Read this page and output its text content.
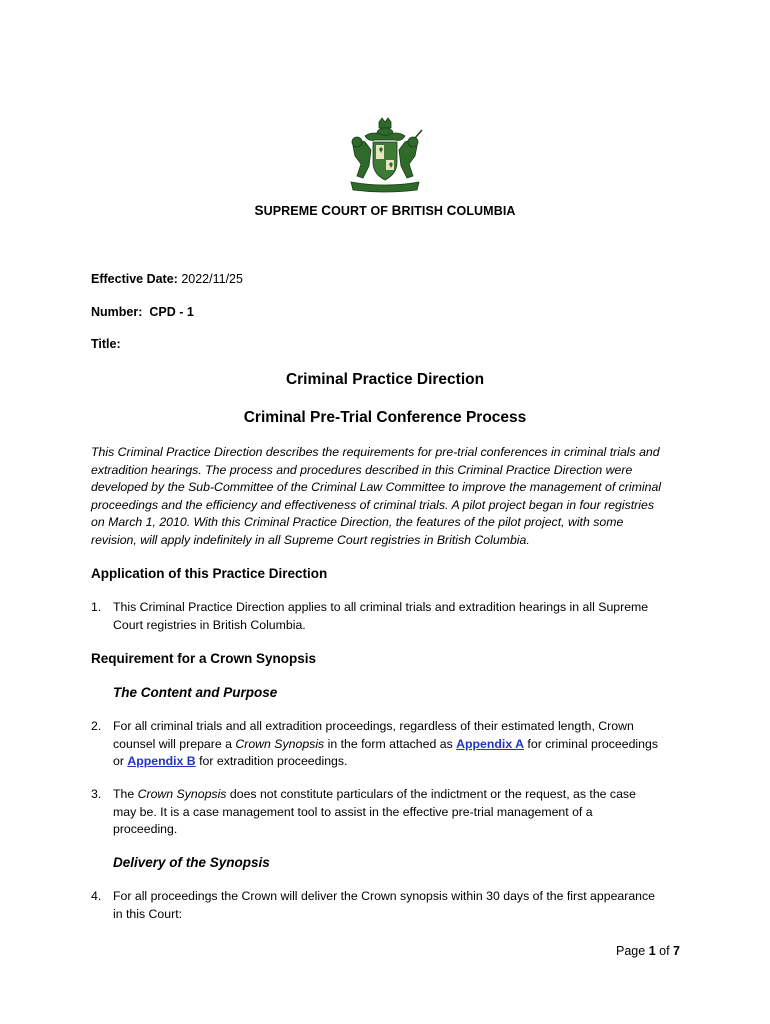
SUPREME COURT OF BRITISH COLUMBIA
Effective Date: 2022/11/25
Number: CPD - 1
Title:
Criminal Practice Direction
Criminal Pre-Trial Conference Process
This Criminal Practice Direction describes the requirements for pre-trial conferences in criminal trials and
extradition hearings. The process and procedures described in this Criminal Practice Direction were
developed by the Sub-Committee of the Criminal Law Committee to improve the management of criminal
proceedings and the efficiency and effectiveness of criminal trials. A pilot project began in four registries
on March 1, 2010. With this Criminal Practice Direction, the features of the pilot project, with some
revision, will apply indefinitely in all Supreme Court registries in British Columbia.
Application of this Practice Direction
1. This Criminal Practice Direction applies to all criminal trials and extradition hearings in all Supreme
Court registries in British Columbia.
Requirement for a Crown Synopsis
The Content and Purpose
2. For all criminal trials and all extradition proceedings, regardless of their estimated length, Crown
counsel will prepare a Crown Synopsis in the form attached as Appendix A for criminal proceedings
or Appendix B for extradition proceedings.
3. The Crown Synopsis does not constitute particulars of the indictment or the request, as the case
may be. It is a case management tool to assist in the effective pre-trial management of a
proceeding.
Delivery of the Synopsis
4. For all proceedings the Crown will deliver the Crown synopsis within 30 days of the first appearance
in this Court:
Page 1 of 7
